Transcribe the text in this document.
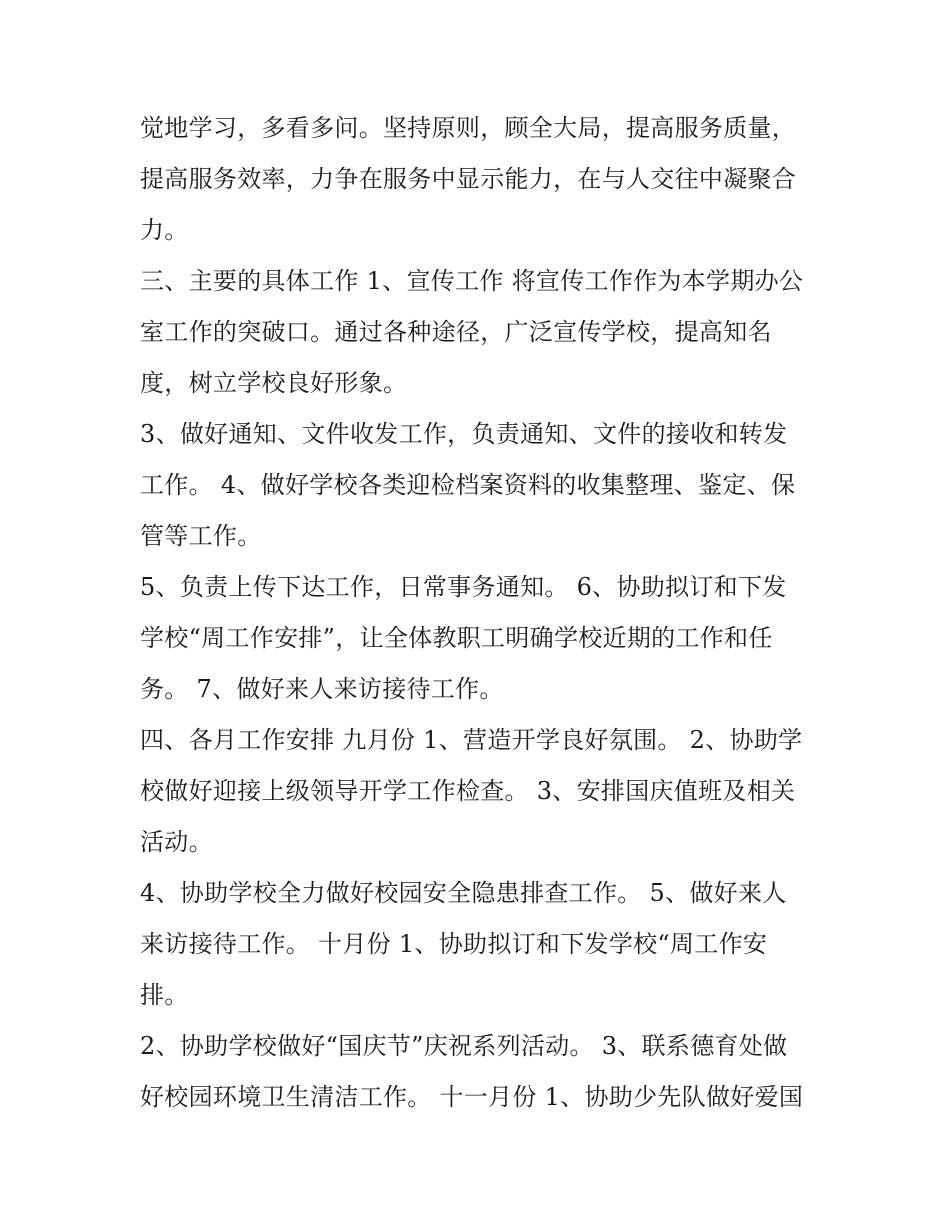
觉地学习，多看多问。坚持原则，顾全大局，提高服务质量，
提高服务效率，力争在服务中显示能力，在与人交往中凝聚合
力。
三、主要的具体工作 1、宣传工作 将宣传工作作为本学期办公
室工作的突破口。通过各种途径，广泛宣传学校，提高知名
度，树立学校良好形象。
3、做好通知、文件收发工作，负责通知、文件的接收和转发
工作。 4、做好学校各类迎检档案资料的收集整理、鉴定、保
管等工作。
5、负责上传下达工作，日常事务通知。 6、协助拟订和下发
学校“周工作安排”，让全体教职工明确学校近期的工作和任
务。 7、做好来人来访接待工作。
四、各月工作安排 九月份 1、营造开学良好氛围。 2、协助学
校做好迎接上级领导开学工作检查。 3、安排国庆值班及相关
活动。
4、协助学校全力做好校园安全隐患排查工作。 5、做好来人
来访接待工作。 十月份 1、协助拟订和下发学校“周工作安
排。
2、协助学校做好“国庆节”庆祝系列活动。 3、联系德育处做
好校园环境卫生清洁工作。 十一月份 1、协助少先队做好爱国
